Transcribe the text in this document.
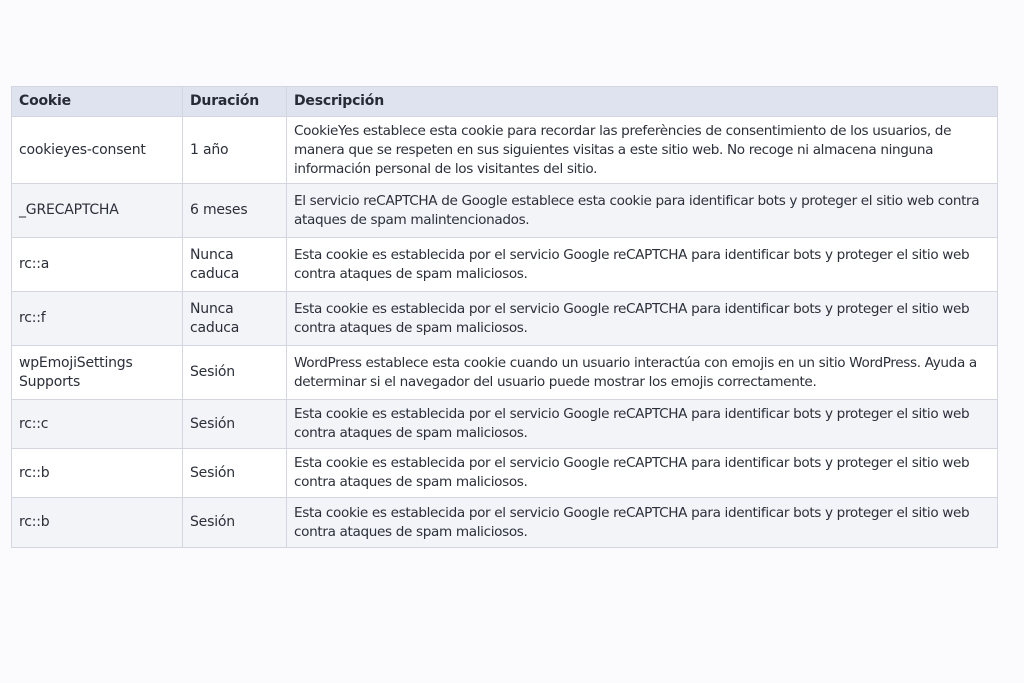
Cookie	Duración	Descripción
cookieyes-consent	1 año	CookieYes establece esta cookie para recordar las preferències de consentimiento de los usuarios, de manera que se respeten en sus siguientes visitas a este sitio web. No recoge ni almacena ninguna información personal de los visitantes del sitio.
_GRECAPTCHA	6 meses	El servicio reCAPTCHA de Google establece esta cookie para identificar bots y proteger el sitio web contra ataques de spam malintencionados.
rc::a	Nunca caduca	Esta cookie es establecida por el servicio Google reCAPTCHA para identificar bots y proteger el sitio web contra ataques de spam maliciosos.
rc::f	Nunca caduca	Esta cookie es establecida por el servicio Google reCAPTCHA para identificar bots y proteger el sitio web contra ataques de spam maliciosos.
wpEmojiSettings Supports	Sesión	WordPress establece esta cookie cuando un usuario interactúa con emojis en un sitio WordPress. Ayuda a determinar si el navegador del usuario puede mostrar los emojis correctamente.
rc::c	Sesión	Esta cookie es establecida por el servicio Google reCAPTCHA para identificar bots y proteger el sitio web contra ataques de spam maliciosos.
rc::b	Sesión	Esta cookie es establecida por el servicio Google reCAPTCHA para identificar bots y proteger el sitio web contra ataques de spam maliciosos.
rc::b	Sesión	Esta cookie es establecida por el servicio Google reCAPTCHA para identificar bots y proteger el sitio web contra ataques de spam maliciosos.
